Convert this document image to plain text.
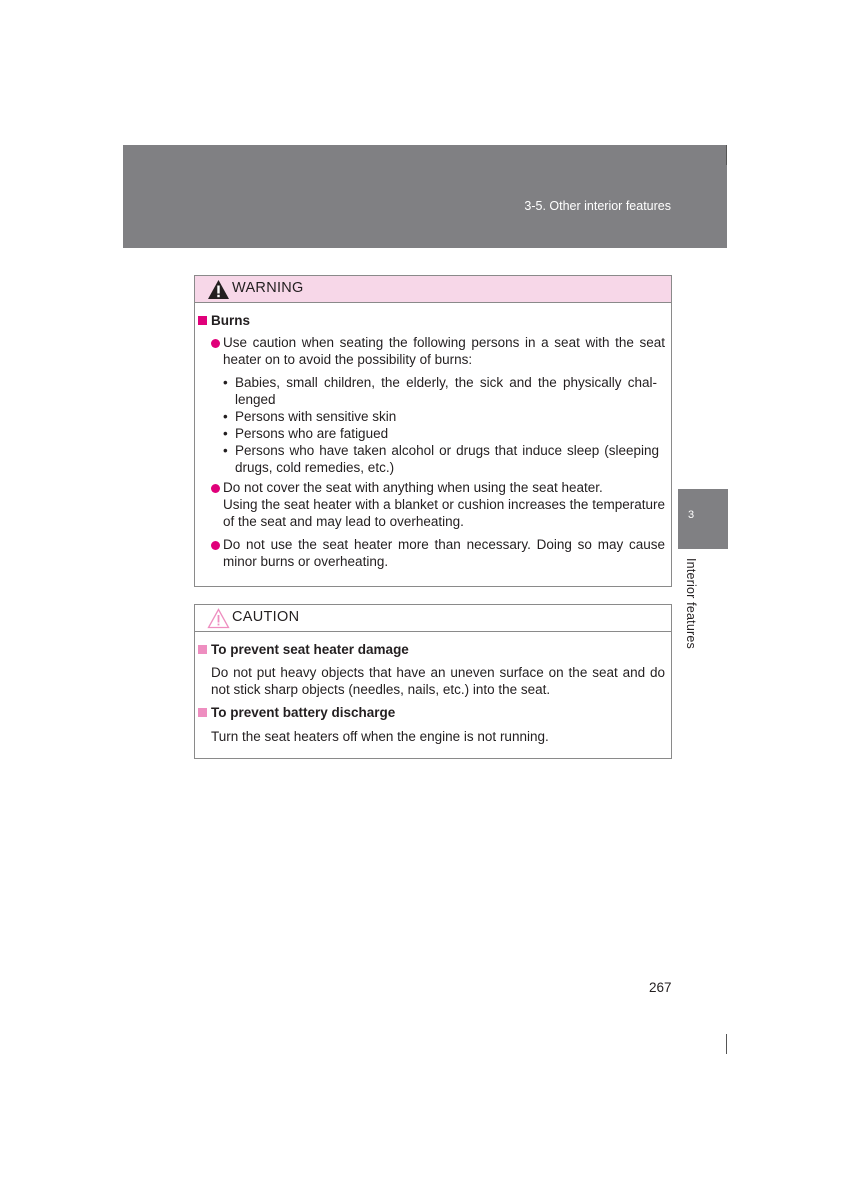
3-5. Other interior features
3
Interior features
WARNING
Burns
Use caution when seating the following persons in a seat with the seat
heater on to avoid the possibility of burns:
• Babies, small children, the elderly, the sick and the physically chal-
lenged
• Persons with sensitive skin
• Persons who are fatigued
• Persons who have taken alcohol or drugs that induce sleep (sleeping
drugs, cold remedies, etc.)
Do not cover the seat with anything when using the seat heater.
Using the seat heater with a blanket or cushion increases the temperature
of the seat and may lead to overheating.
Do not use the seat heater more than necessary. Doing so may cause
minor burns or overheating.
CAUTION
To prevent seat heater damage
Do not put heavy objects that have an uneven surface on the seat and do
not stick sharp objects (needles, nails, etc.) into the seat.
To prevent battery discharge
Turn the seat heaters off when the engine is not running.
267
